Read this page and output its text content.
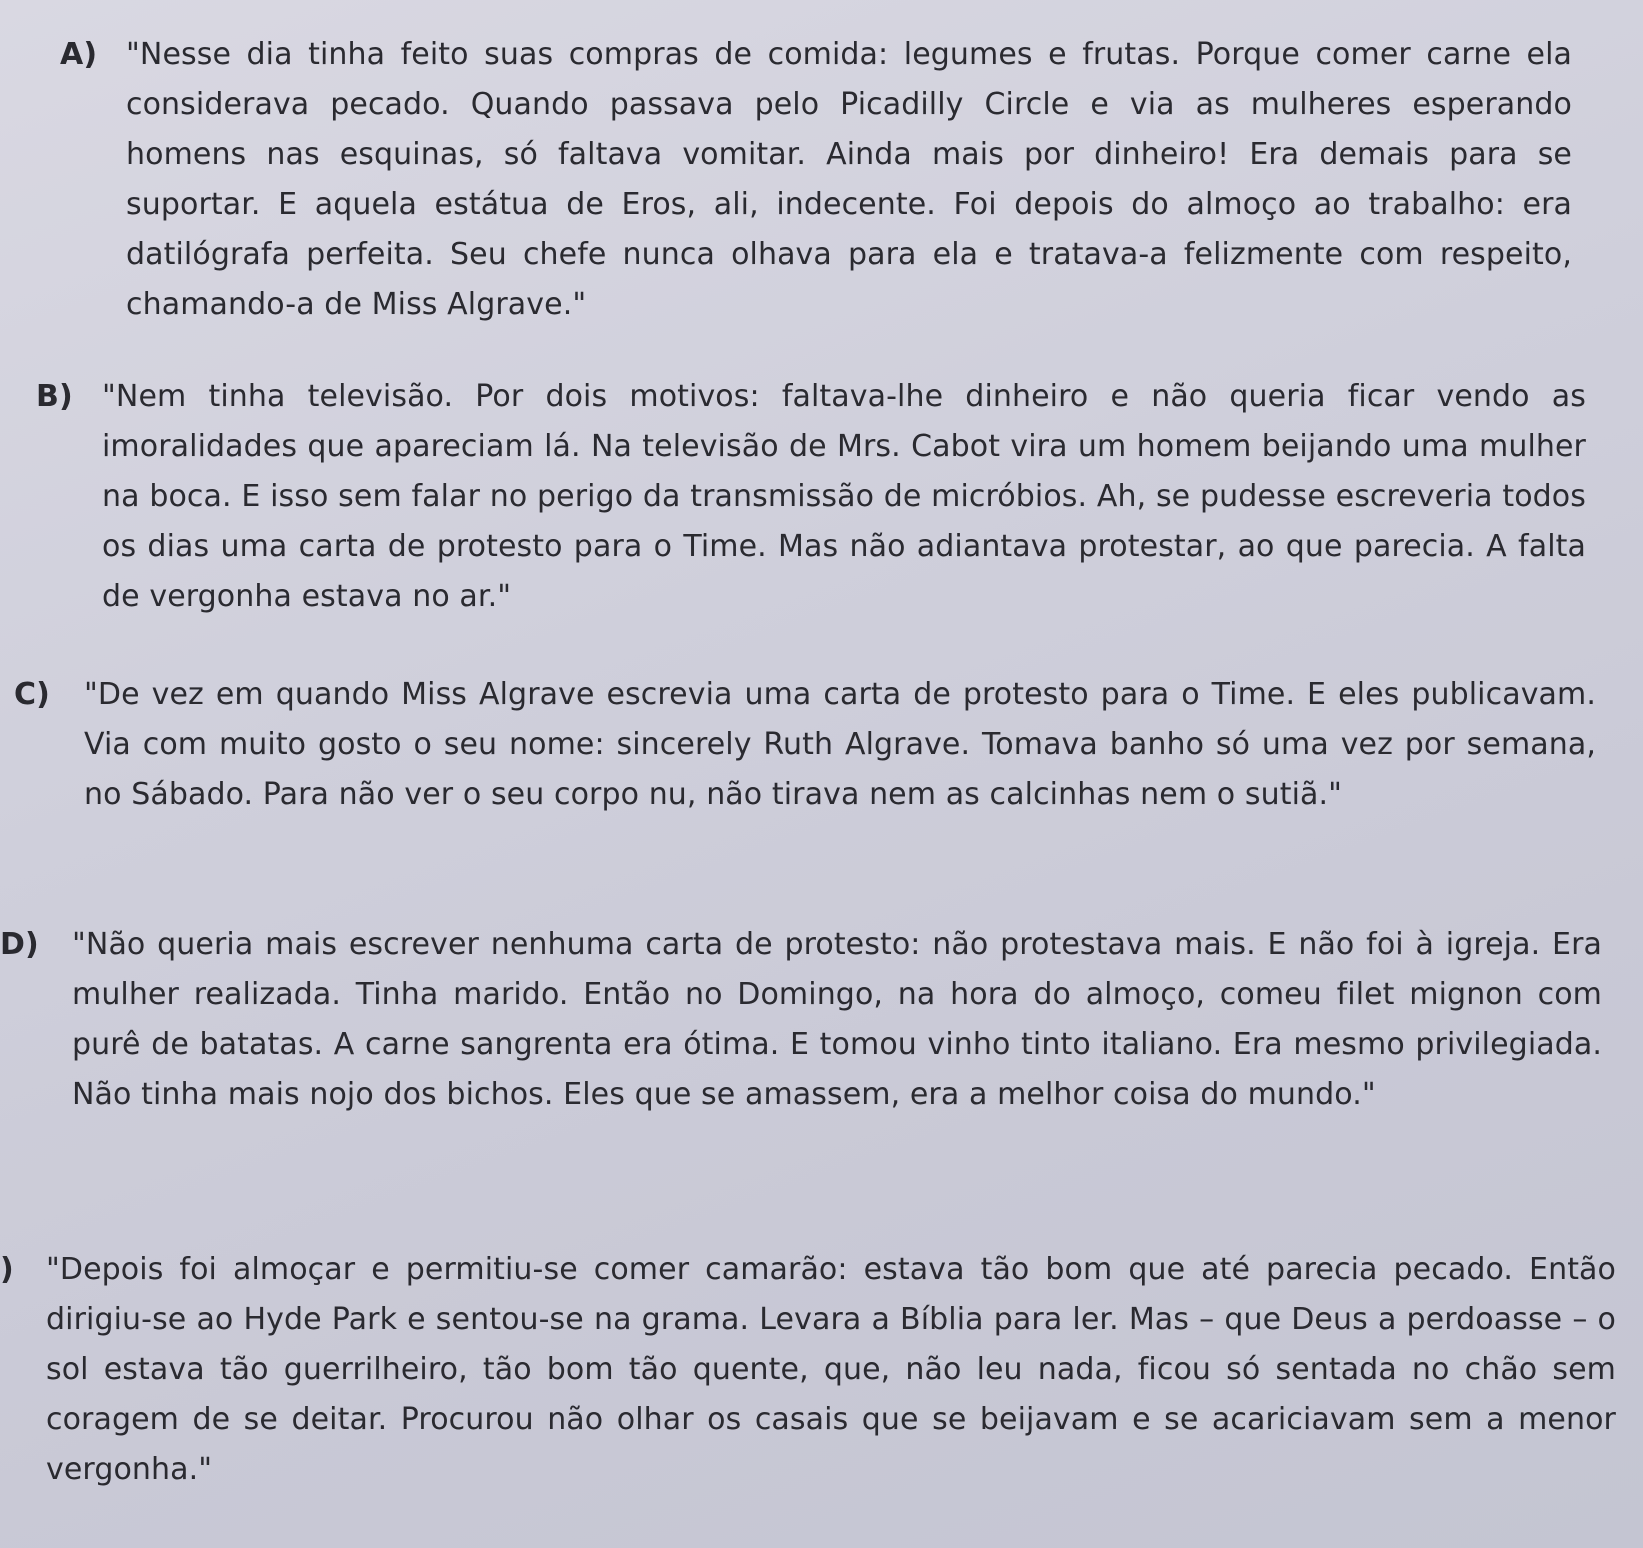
A) "Nesse dia tinha feito suas compras de comida: legumes e frutas. Porque comer carne ela considerava pecado. Quando passava pelo Picadilly Circle e via as mulheres esperando homens nas esquinas, só faltava vomitar. Ainda mais por dinheiro! Era demais para se suportar. E aquela estátua de Eros, ali, indecente. Foi depois do almoço ao trabalho: era datilógrafa perfeita. Seu chefe nunca olhava para ela e tratava-a felizmente com respeito, chamando-a de Miss Algrave."
B) "Nem tinha televisão. Por dois motivos: faltava-lhe dinheiro e não queria ficar vendo as imoralidades que apareciam lá. Na televisão de Mrs. Cabot vira um homem beijando uma mulher na boca. E isso sem falar no perigo da transmissão de micróbios. Ah, se pudesse escreveria todos os dias uma carta de protesto para o Time. Mas não adiantava protestar, ao que parecia. A falta de vergonha estava no ar."
C) "De vez em quando Miss Algrave escrevia uma carta de protesto para o Time. E eles publicavam. Via com muito gosto o seu nome: sincerely Ruth Algrave. Tomava banho só uma vez por semana, no Sábado. Para não ver o seu corpo nu, não tirava nem as calcinhas nem o sutiã."
D) "Não queria mais escrever nenhuma carta de protesto: não protestava mais. E não foi à igreja. Era mulher realizada. Tinha marido. Então no Domingo, na hora do almoço, comeu filet mignon com purê de batatas. A carne sangrenta era ótima. E tomou vinho tinto italiano. Era mesmo privilegiada. Não tinha mais nojo dos bichos. Eles que se amassem, era a melhor coisa do mundo."
) "Depois foi almoçar e permitiu-se comer camarão: estava tão bom que até parecia pecado. Então dirigiu-se ao Hyde Park e sentou-se na grama. Levara a Bíblia para ler. Mas – que Deus a perdoasse – o sol estava tão guerrilheiro, tão bom tão quente, que, não leu nada, ficou só sentada no chão sem coragem de se deitar. Procurou não olhar os casais que se beijavam e se acariciavam sem a menor vergonha."
